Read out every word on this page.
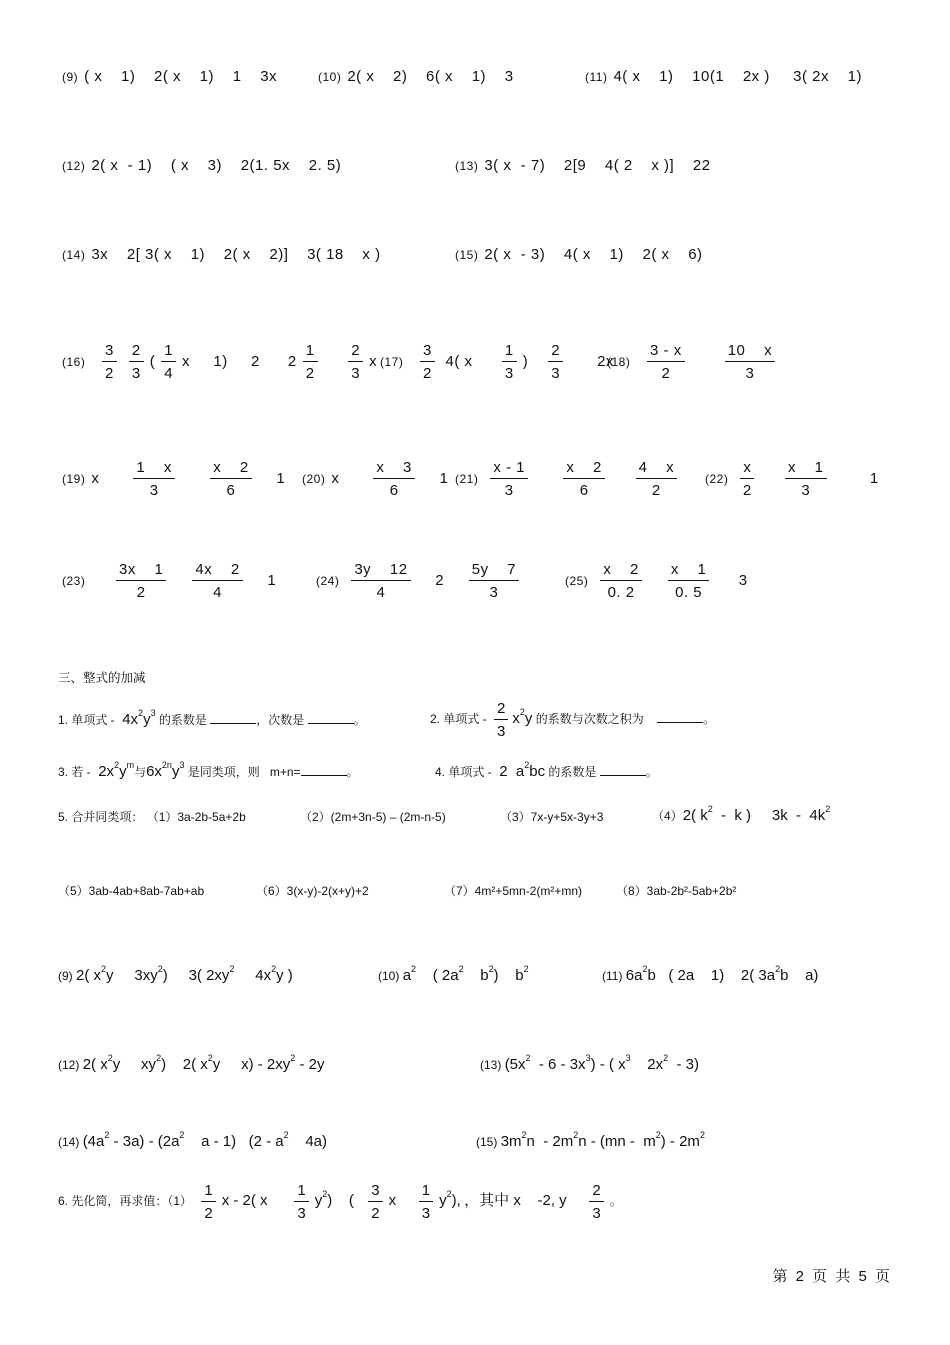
(9) ( x    1)    2( x    1)    1    3x	(10) 2( x    2)    6( x    1)    3	(11) 4( x    1)    10(1    2x )     3( 2x    1)
(12) 2( x  - 1)    ( x    3)    2(1. 5x    2. 5)	(13) 3( x  - 7)    2[9    4( 2    x )]    22
(14) 3x    2[ 3( x    1)    2( x    2)]    3( 18    x )	(15) 2( x  - 3)    4( x    1)    2( x    6)
$(16) \frac{3}{2} \frac{2}{3}$ ( $\frac{1}{4}$ x     1)     2      $2 \frac{1}{2}$
$\frac{2}{3}$ x $(17) \frac{3}{2} 4$( x $\frac{1}{3}$ ) $\frac{2}{3} 2x$
$(18) \frac{3 - x}{2}$
	$\frac{10 x}{3}$
(19) x $\frac{1 x}{3}$
$\frac{x 2}{6} 1$ (20) x $\frac{x 3}{6} 1$ $(21) \frac{x - 1}{3}$
$\frac{x 2}{6}$
$\frac{4 x}{2} (22) \frac{x}{2}$
$\frac{x 1}{3} 1$
$(23) \frac{3x 1}{2}$
$\frac{4x 2}{4} 1$	$(24) \frac{3y 12}{4} 2 \frac{5y 7}{3}$	$(25) \frac{x 2}{0. 2}$
$\frac{x 1}{0. 5} 3$
三、整式的加减
1. 单项式 -  $4x^2y^3$ 的系数是	，次数是	。	2. 单项式 - $\frac{2}{3} x^2y$ 的系数与次数之积为	。
3. 若 -  $2x^2y^m$与$6x^{2n}y^3$ 是同类项，则 m+n=	。	4. 单项式 -  2  $a^2bc$ 的系数是	。
5. 合并同类项： （1）3a-2b-5a+2b	（2）(2m+3n-5) – (2m-n-5)	（3）7x-y+5x-3y+3	（4）2( $k^2$  -  k )     $3k - 4k^2$
（5）3ab-4ab+8ab-7ab+ab	（6）3(x-y)-2(x+y)+2	（7）4m²+5mn-2(m²+mn)	（8）3ab-2b²-5ab+2b²
(9) 2( $x^2y$     $3xy^2$)     3( $2xy^2$     $4x^2y$ )	(10) $a^2$    ( $2a^2$    $b^2$)    $b^2$	(11) $6a^2b$   ( 2a    1)    2( $3a^2b$    a)
(12) 2( $x^2y$     $xy^2$)    2( $x^2y$     $x) - 2xy^2 - 2y$	(13) $(5x^2 - 6 - 3x^3)$ - ( $x^3$    $2x^2 - 3$)
(14) $(4a^2 - 3a) - (2a^2$    a - 1)   ($2 - a^2$    4a)	(15) $3m^2n - 2m^2n - (mn - m^2) - 2m^2$
6. 先化简，再求值：$(1) \frac{1}{2}$ x - 2( x $\frac{1}{3} y^2$)    ( $\frac{3}{2}$ x $\frac{1}{3} y^2$), ，其中 x -2, y $\frac{2}{3}$ 。
第 2 页 共 5 页
